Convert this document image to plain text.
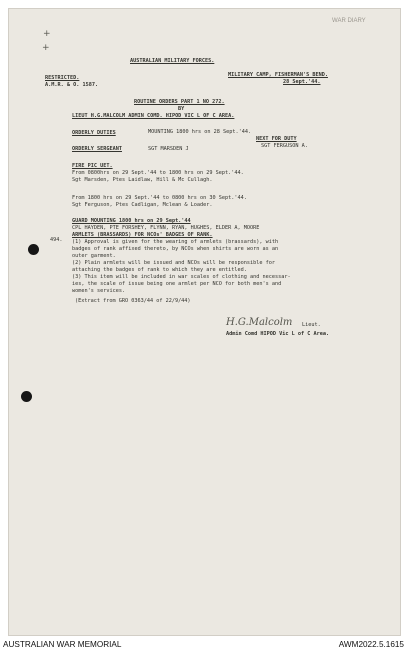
WAR DIARY
+
+
AUSTRALIAN MILITARY FORCES.
RESTRICTED.
A.M.R. & O. 1587.
MILITARY CAMP, FISHERMAN'S BEND.
28 Sept.'44.
ROUTINE ORDERS PART 1 NO 272.
BY
LIEUT H.G.MALCOLM ADMIN COMD. HIPOD VIC L OF C AREA.
ORDERLY DUTIES	MOUNTING 1800 hrs on 28 Sept.'44.
NEXT FOR DUTY
ORDERLY SERGEANT	SGT MARSDEN J	SGT FERGUSON A.
FIRE PIC UET.
From 0800hrs on 29 Sept.'44 to 1800 hrs on 29 Sept.'44.
Sgt Marsden, Ptes Laidlaw, Hill & Mc Cullagh.
From 1800 hrs on 29 Sept.'44 to 0800 hrs on 30 Sept.'44.
Sgt Ferguson, Ptes Cadligan, Mclean & Loader.
GUARD MOUNTING 1800 hrs on 29 Sept.'44
CPL HAYDEN, PTE FORSHEY, FLYNN, RYAN, HUGHES, ELDER A, MOORE
494.
ARMLETS (BRASSARDS) FOR NCOs' BADGES OF RANK.
(1) Approval is given for the wearing of armlets (brassards), with
badges of rank affixed thereto, by NCOs when shirts are worn as an
outer garment.
(2) Plain armlets will be issued and NCOs will be responsible for
attaching the badges of rank to which they are entitled.
(3) This item will be included in war scales of clothing and necessar-
ies, the scale of issue being one armlet per NCO for both men's and
women's services.
(Extract from GRO 0363/44 of 22/9/44)
H.G.Malcolm Lieut.
Admin Comd HIPOD Vic L of C Area.
AUSTRALIAN WAR MEMORIAL	AWM2022.5.1615
